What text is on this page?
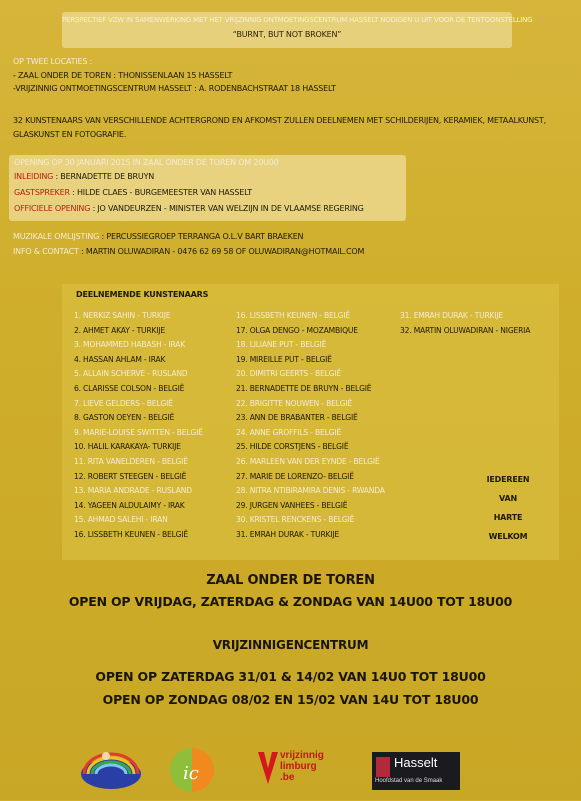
PERSPECTIEF VZW IN SAMENWERKING MET HET VRIJZINNIG ONTMOETINGSCENTRUM HASSELT NODIGEN U UIT VOOR DE TENTOONSTELLING
“BURNT, BUT NOT BROKEN”
OP TWEE LOCATIES :
- ZAAL ONDER DE TOREN : THONISSENLAAN 15 HASSELT
-VRIJZINNIG ONTMOETINGSCENTRUM HASSELT : A. RODENBACHSTRAAT 18 HASSELT
32 KUNSTENAARS VAN VERSCHILLENDE ACHTERGROND EN AFKOMST ZULLEN DEELNEMEN MET SCHILDERIJEN, KERAMIEK, METAALKUNST,
GLASKUNST EN FOTOGRAFIE.
OPENING OP 30 JANUARI 2015 IN ZAAL ONDER DE TOREN OM 20U00
INLEIDING : BERNADETTE DE BRUYN
GASTSPREKER : HILDE CLAES - BURGEMEESTER VAN HASSELT
OFFICIELE OPENING : JO VANDEURZEN - MINISTER VAN WELZIJN IN DE VLAAMSE REGERING
MUZIKALE OMLIJSTING : PERCUSSIEGROEP TERRANGA O.L.V BART BRAEKEN
INFO & CONTACT : MARTIN OLUWADIRAN - 0476 62 69 58 OF OLUWADIRAN@HOTMAIL.COM
DEELNEMENDE KUNSTENAARS
1. NERKIZ SAHIN - TURKIJE
2. AHMET AKAY - TURKIJE
3. MOHAMMED HABASH - IRAK
4. HASSAN AHLAM - IRAK
5. ALLAIN SCHERVE - RUSLAND
6. CLARISSE COLSON - BELGIË
7. LIEVE GELDERS - BELGIË
8. GASTON OEYEN - BELGIË
9. MARIE-LOUISE SWITTEN - BELGIË
10. HALIL KARAKAYA- TURKIJE
11. RITA VANELDEREN - BELGIË
12. ROBERT STEEGEN - BELGIË
13. MARIA ANDRADE - RUSLAND
14. YAGEEN ALDULAIMY - IRAK
15. AHMAD SALEHI - IRAN
16. LISSBETH KEUNEN - BELGIË
16. LISSBETH KEUNEN - BELGIË
17. OLGA DENGO - MOZAMBIQUE
18. LILIANE PUT - BELGIË
19. MIREILLE PUT - BELGIË
20. DIMITRI GEERTS - BELGIË
21. BERNADETTE DE BRUYN - BELGIË
22. BRIGITTE NOUWEN - BELGIË
23. ANN DE BRABANTER - BELGIË
24. ANNE GROFFILS - BELGIË
25. HILDE CORSTJENS - BELGIË
26. MARLEEN VAN DER EYNDE - BELGIË
27. MARIE DE LORENZO- BELGIË
28. NITRA NTIBIRAMIRA DENIS - RWANDA
29. JURGEN VANHEES - BELGIË
30. KRISTEL RENCKENS - BELGIË
31. EMRAH DURAK - TURKIJE
31. EMRAH DURAK - TURKIJE
32. MARTIN OLUWADIRAN - NIGERIA
IEDEREEN
VAN
HARTE
WELKOM
ZAAL ONDER DE TOREN
OPEN OP VRIJDAG, ZATERDAG & ZONDAG VAN 14U00 TOT 18U00
VRIJZINNIGENCENTRUM
OPEN OP ZATERDAG 31/01 & 14/02 VAN 14U0 TOT 18U00
OPEN OP ZONDAG 08/02 EN 15/02 VAN 14U TOT 18U00
ic
vrijzinnig
limburg
.be
Hasselt
Hoofdstad van de Smaak
